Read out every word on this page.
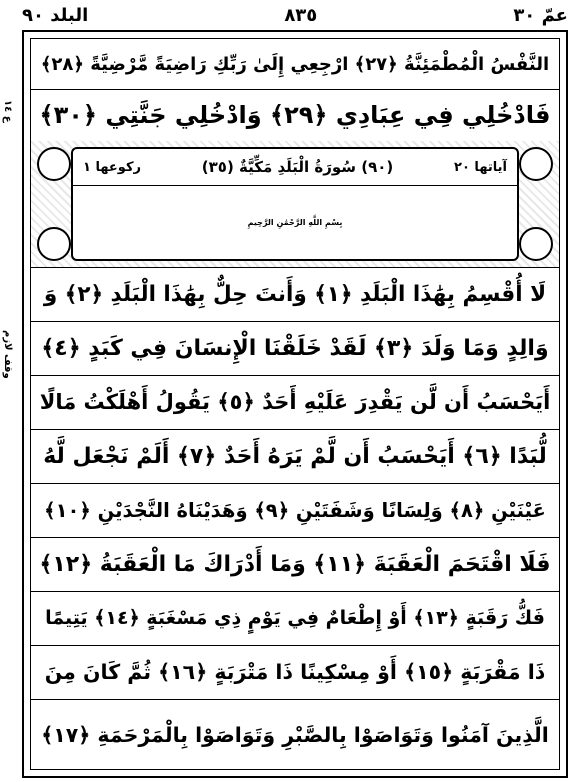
البلد ٩٠	٨٣٥	عمّ ٣٠
ع ١٤
وقف لازم
النَّفْسُ الْمُطْمَئِنَّةُ ﴿٢٧﴾ ارْجِعِي إِلَىٰ رَبِّكِ رَاضِيَةً مَّرْضِيَّةً ﴿٢٨﴾
فَادْخُلِي فِي عِبَادِي ﴿٢٩﴾ وَادْخُلِي جَنَّتِي ﴿٣٠﴾
آياتها ٢٠
(٩٠) سُورَةُ الْبَلَدِ مَكِّيَّةٌ (٣٥)
ركوعها ١
بِسْمِ اللَّهِ الرَّحْمَٰنِ الرَّحِيمِ
لَا أُقْسِمُ بِهَٰذَا الْبَلَدِ ﴿١﴾ وَأَنتَ حِلٌّ بِهَٰذَا الْبَلَدِ ﴿٢﴾ وَ
وَالِدٍ وَمَا وَلَدَ ﴿٣﴾ لَقَدْ خَلَقْنَا الْإِنسَانَ فِي كَبَدٍ ﴿٤﴾
أَيَحْسَبُ أَن لَّن يَقْدِرَ عَلَيْهِ أَحَدٌ ﴿٥﴾ يَقُولُ أَهْلَكْتُ مَالًا
لُّبَدًا ﴿٦﴾ أَيَحْسَبُ أَن لَّمْ يَرَهُ أَحَدٌ ﴿٧﴾ أَلَمْ نَجْعَل لَّهُ
عَيْنَيْنِ ﴿٨﴾ وَلِسَانًا وَشَفَتَيْنِ ﴿٩﴾ وَهَدَيْنَاهُ النَّجْدَيْنِ ﴿١٠﴾
فَلَا اقْتَحَمَ الْعَقَبَةَ ﴿١١﴾ وَمَا أَدْرَاكَ مَا الْعَقَبَةُ ﴿١٢﴾
فَكُّ رَقَبَةٍ ﴿١٣﴾ أَوْ إِطْعَامٌ فِي يَوْمٍ ذِي مَسْغَبَةٍ ﴿١٤﴾ يَتِيمًا
ذَا مَقْرَبَةٍ ﴿١٥﴾ أَوْ مِسْكِينًا ذَا مَتْرَبَةٍ ﴿١٦﴾ ثُمَّ كَانَ مِنَ
الَّذِينَ آمَنُوا وَتَوَاصَوْا بِالصَّبْرِ وَتَوَاصَوْا بِالْمَرْحَمَةِ ﴿١٧﴾
